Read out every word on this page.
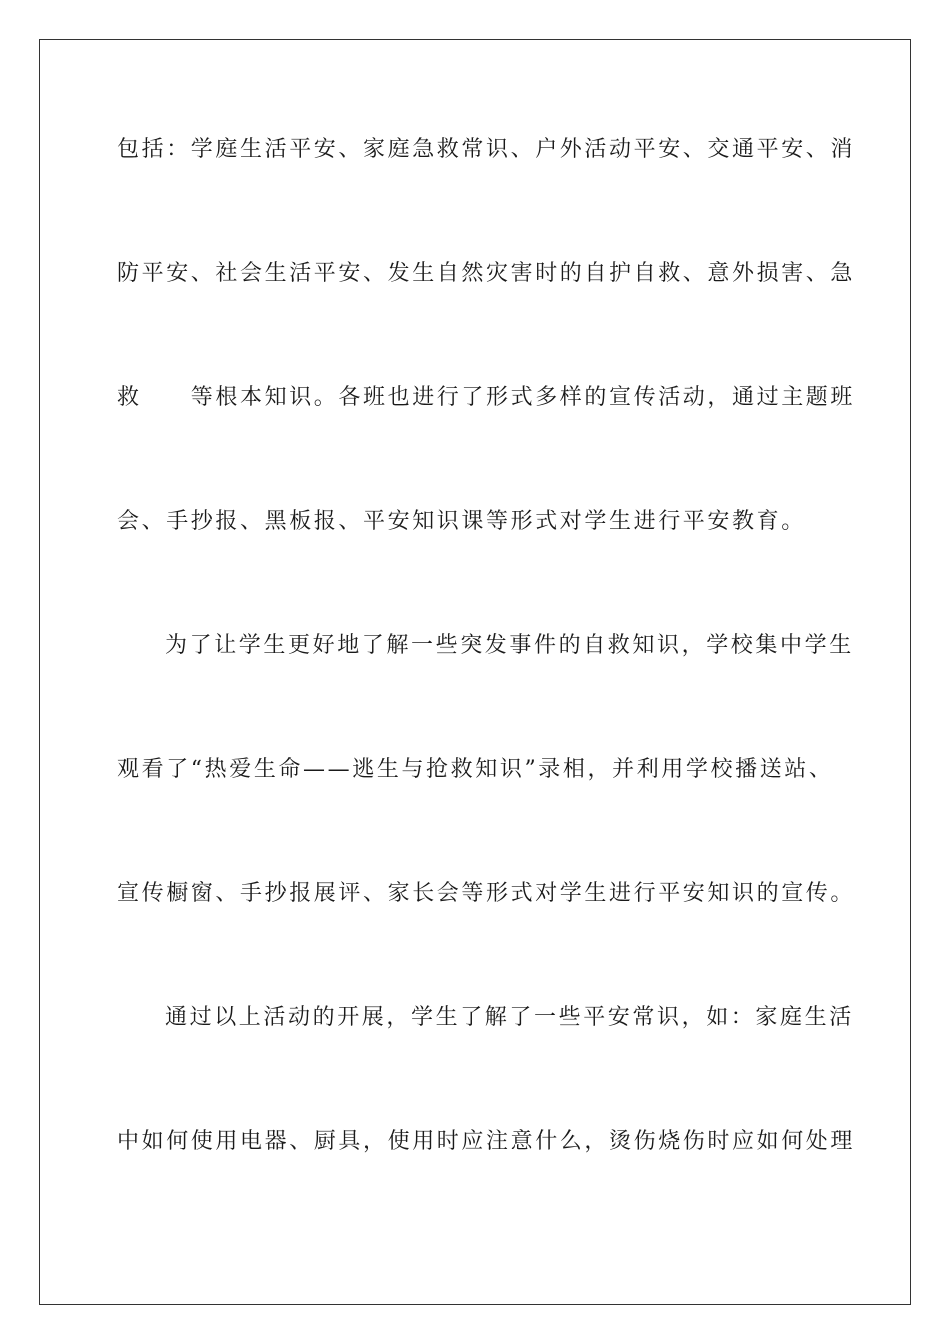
包括：学庭生活平安、家庭急救常识、户外活动平安、交通平安、消
防平安、社会生活平安、发生自然灾害时的自护自救、意外损害、急
救　　等根本知识。各班也进行了形式多样的宣传活动，通过主题班
会、手抄报、黑板报、平安知识课等形式对学生进行平安教育。
为了让学生更好地了解一些突发事件的自救知识，学校集中学生
观看了“热爱生命——逃生与抢救知识”录相，并利用学校播送站、
宣传橱窗、手抄报展评、家长会等形式对学生进行平安知识的宣传。
通过以上活动的开展，学生了解了一些平安常识，如：家庭生活
中如何使用电器、厨具，使用时应注意什么，烫伤烧伤时应如何处理
